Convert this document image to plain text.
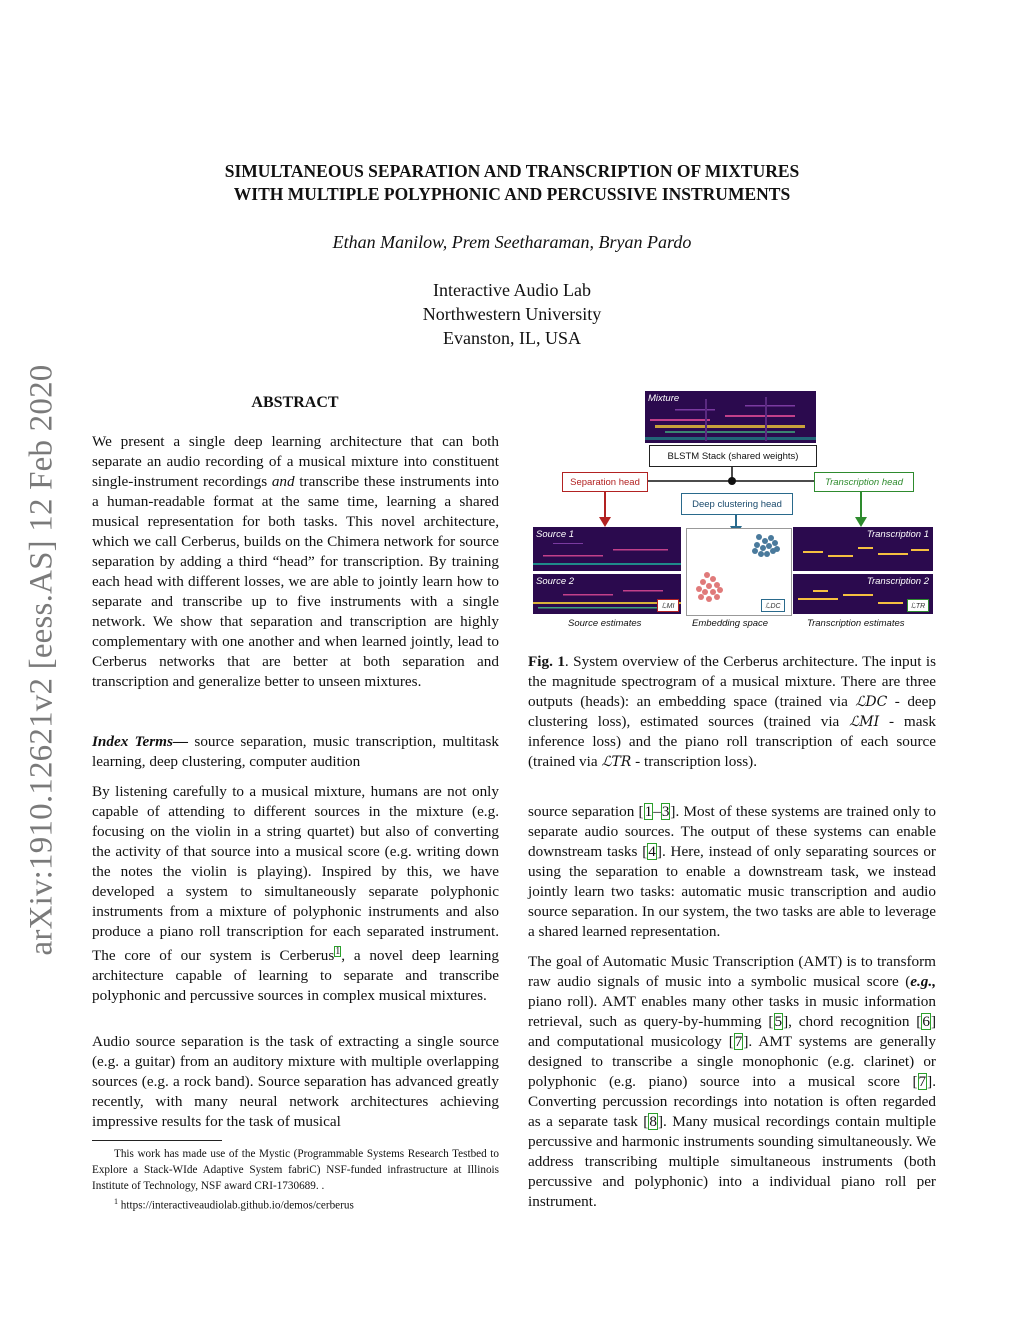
arXiv:1910.12621v2 [eess.AS] 12 Feb 2020
SIMULTANEOUS SEPARATION AND TRANSCRIPTION OF MIXTURES
WITH MULTIPLE POLYPHONIC AND PERCUSSIVE INSTRUMENTS
Ethan Manilow, Prem Seetharaman, Bryan Pardo
Interactive Audio Lab
Northwestern University
Evanston, IL, USA
ABSTRACT

We present a single deep learning architecture that can both separate an audio recording of a musical mixture into constituent single-instrument recordings and transcribe these instruments into a human-readable format at the same time, learning a shared musical representation for both tasks. This novel architecture, which we call Cerberus, builds on the Chimera network for source separation by adding a third “head” for transcription. By training each head with different losses, we are able to jointly learn how to separate and transcribe up to five instruments with a single network. We show that separation and transcription are highly complementary with one another and when learned jointly, lead to Cerberus networks that are better at both separation and transcription and generalize better to unseen mixtures.

Index Terms— source separation, music transcription, multitask learning, deep clustering, computer audition

By listening carefully to a musical mixture, humans are not only capable of attending to different sources in the mixture (e.g. focusing on the violin in a string quartet) but also of converting the activity of that source into a musical score (e.g. writing down the notes the violin is playing). Inspired by this, we have developed a system to simultaneously separate polyphonic instruments from a mixture of polyphonic instruments and also produce a piano roll transcription for each separated instrument. The core of our system is Cerberus$^1$, a novel deep learning architecture capable of learning to separate and transcribe polyphonic and percussive sources in complex musical mixtures.

Audio source separation is the task of extracting a single source (e.g. a guitar) from an auditory mixture with multiple overlapping sources (e.g. a rock band). Source separation has advanced greatly recently, with many neural network architectures achieving impressive results for the task of musical

This work has made use of the Mystic (Programmable Systems Research Testbed to Explore a Stack-WIde Adaptive System fabriC) NSF-funded infrastructure at Illinois Institute of Technology, NSF award CRI-1730689. .
$^1$ https://interactiveaudiolab.github.io/demos/cerberus
Mixture
BLSTM Stack (shared weights)
Separation head
Deep clustering head
Transcription head
Source 1
Source 2
ℒMI	ℒDC
Transcription 1
Transcription 2
ℒTR
Source estimates	Embedding space	Transcription estimates
Fig. 1. System overview of the Cerberus architecture. The input is the magnitude spectrogram of a musical mixture. There are three outputs (heads): an embedding space (trained via ℒDC - deep clustering loss), estimated sources (trained via ℒMI - mask inference loss) and the piano roll transcription of each source (trained via ℒTR - transcription loss).

source separation [1–3]. Most of these systems are trained only to separate audio sources. The output of these systems can enable downstream tasks [4]. Here, instead of only separating sources or using the separation to enable a downstream task, we instead jointly learn two tasks: automatic music transcription and audio source separation. In our system, the two tasks are able to leverage a shared learned representation.

The goal of Automatic Music Transcription (AMT) is to transform raw audio signals of music into a symbolic musical score (e.g., piano roll). AMT enables many other tasks in music information retrieval, such as query-by-humming [5], chord recognition [6] and computational musicology [7]. AMT systems are generally designed to transcribe a single monophonic (e.g. clarinet) or polyphonic (e.g. piano) source into a musical score [7]. Converting percussion recordings into notation is often regarded as a separate task [8]. Many musical recordings contain multiple percussive and harmonic instruments sounding simultaneously. We address transcribing multiple simultaneous instruments (both percussive and polyphonic) into a individual piano roll per instrument.
